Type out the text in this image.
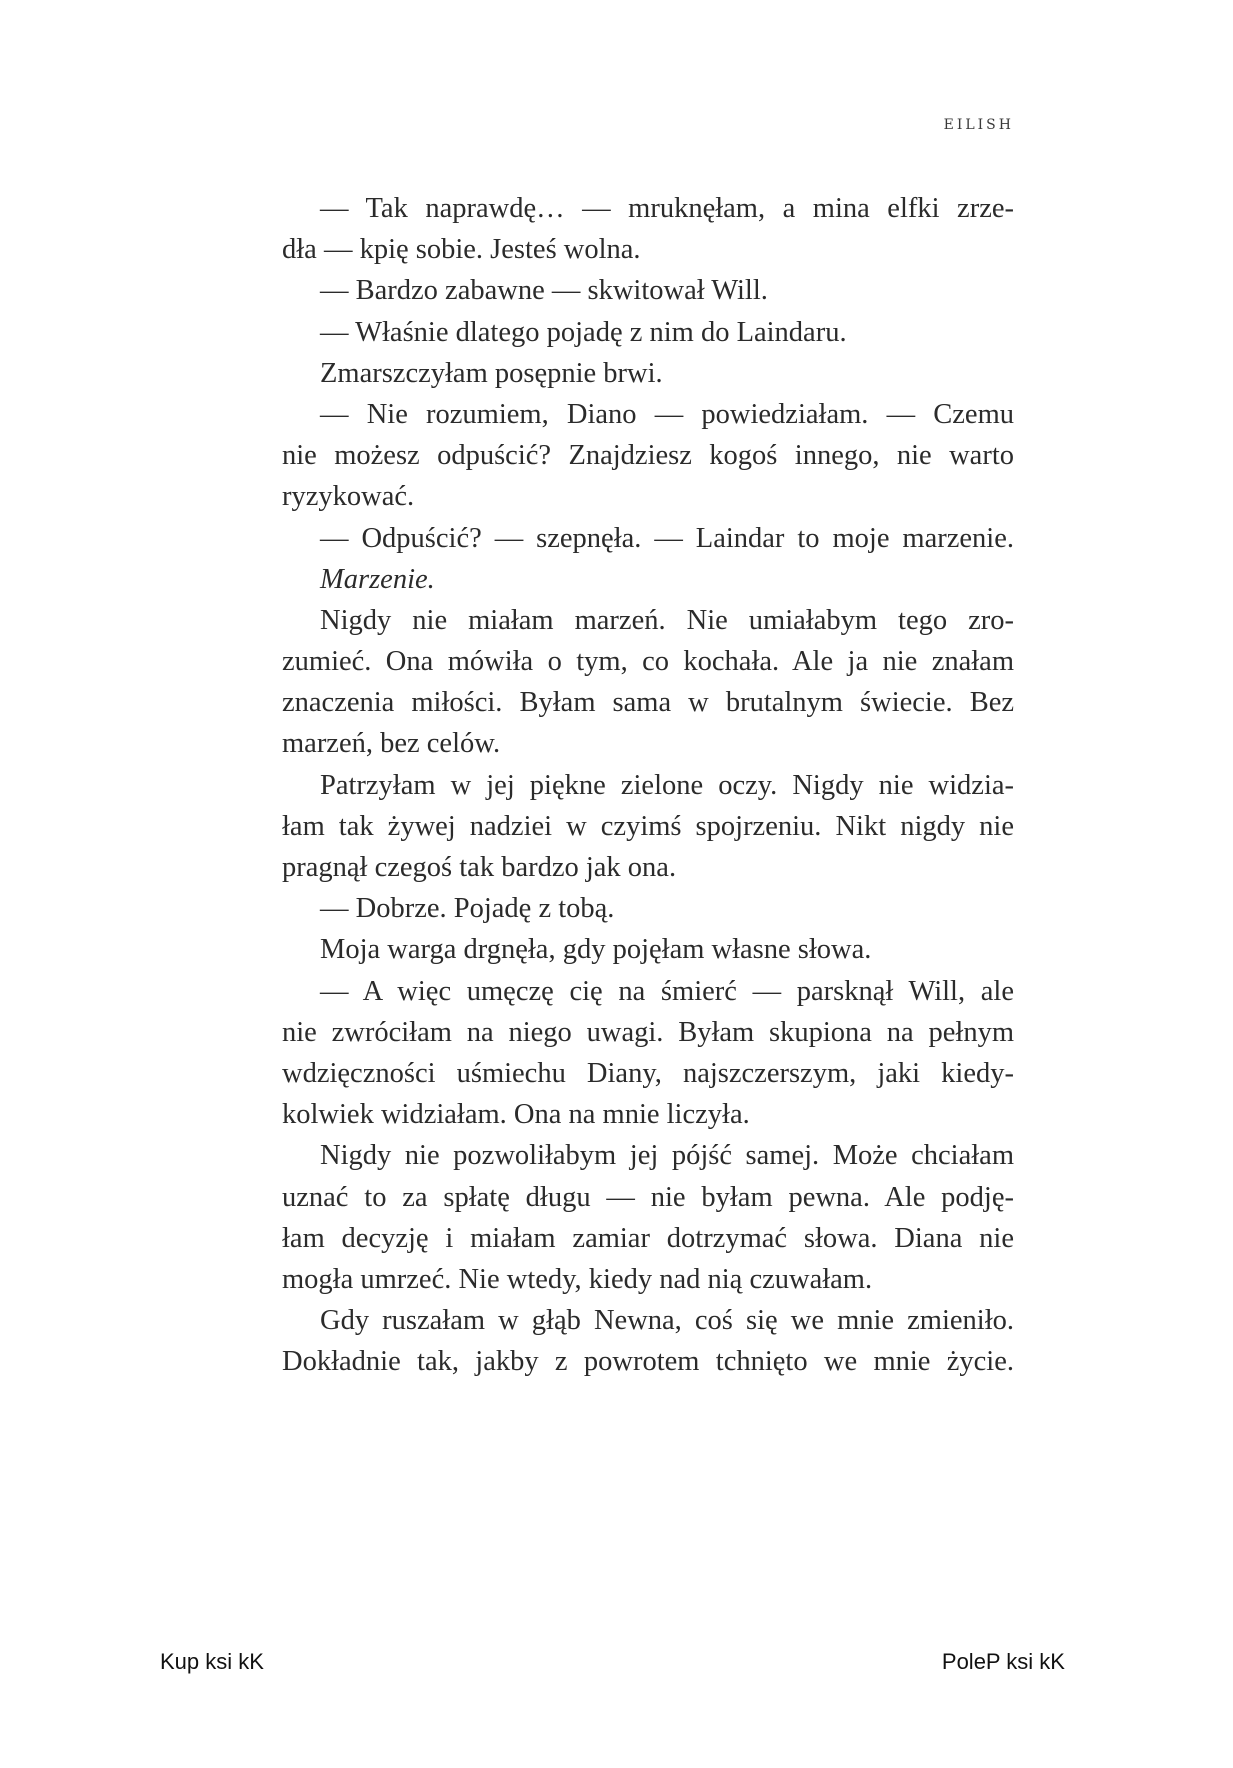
EILISH
— Tak naprawdę… — mruknęłam, a mina elfki zrze-
dła — kpię sobie. Jesteś wolna.
— Bardzo zabawne — skwitował Will.
— Właśnie dlatego pojadę z nim do Laindaru.
Zmarszczyłam posępnie brwi.
— Nie rozumiem, Diano — powiedziałam. — Czemu
nie możesz odpuścić? Znajdziesz kogoś innego, nie warto
ryzykować.
— Odpuścić? — szepnęła. — Laindar to moje marzenie.
Marzenie.
Nigdy nie miałam marzeń. Nie umiałabym tego zro-
zumieć. Ona mówiła o tym, co kochała. Ale ja nie znałam
znaczenia miłości. Byłam sama w brutalnym świecie. Bez
marzeń, bez celów.
Patrzyłam w jej piękne zielone oczy. Nigdy nie widzia-
łam tak żywej nadziei w czyimś spojrzeniu. Nikt nigdy nie
pragnął czegoś tak bardzo jak ona.
— Dobrze. Pojadę z tobą.
Moja warga drgnęła, gdy pojęłam własne słowa.
— A więc umęczę cię na śmierć — parsknął Will, ale
nie zwróciłam na niego uwagi. Byłam skupiona na pełnym
wdzięczności uśmiechu Diany, najszczerszym, jaki kiedy-
kolwiek widziałam. Ona na mnie liczyła.
Nigdy nie pozwoliłabym jej pójść samej. Może chciałam
uznać to za spłatę długu — nie byłam pewna. Ale podję-
łam decyzję i miałam zamiar dotrzymać słowa. Diana nie
mogła umrzeć. Nie wtedy, kiedy nad nią czuwałam.
Gdy ruszałam w głąb Newna, coś się we mnie zmieniło.
Dokładnie tak, jakby z powrotem tchnięto we mnie życie.
Kup ksi kK	PoleP ksi kK
